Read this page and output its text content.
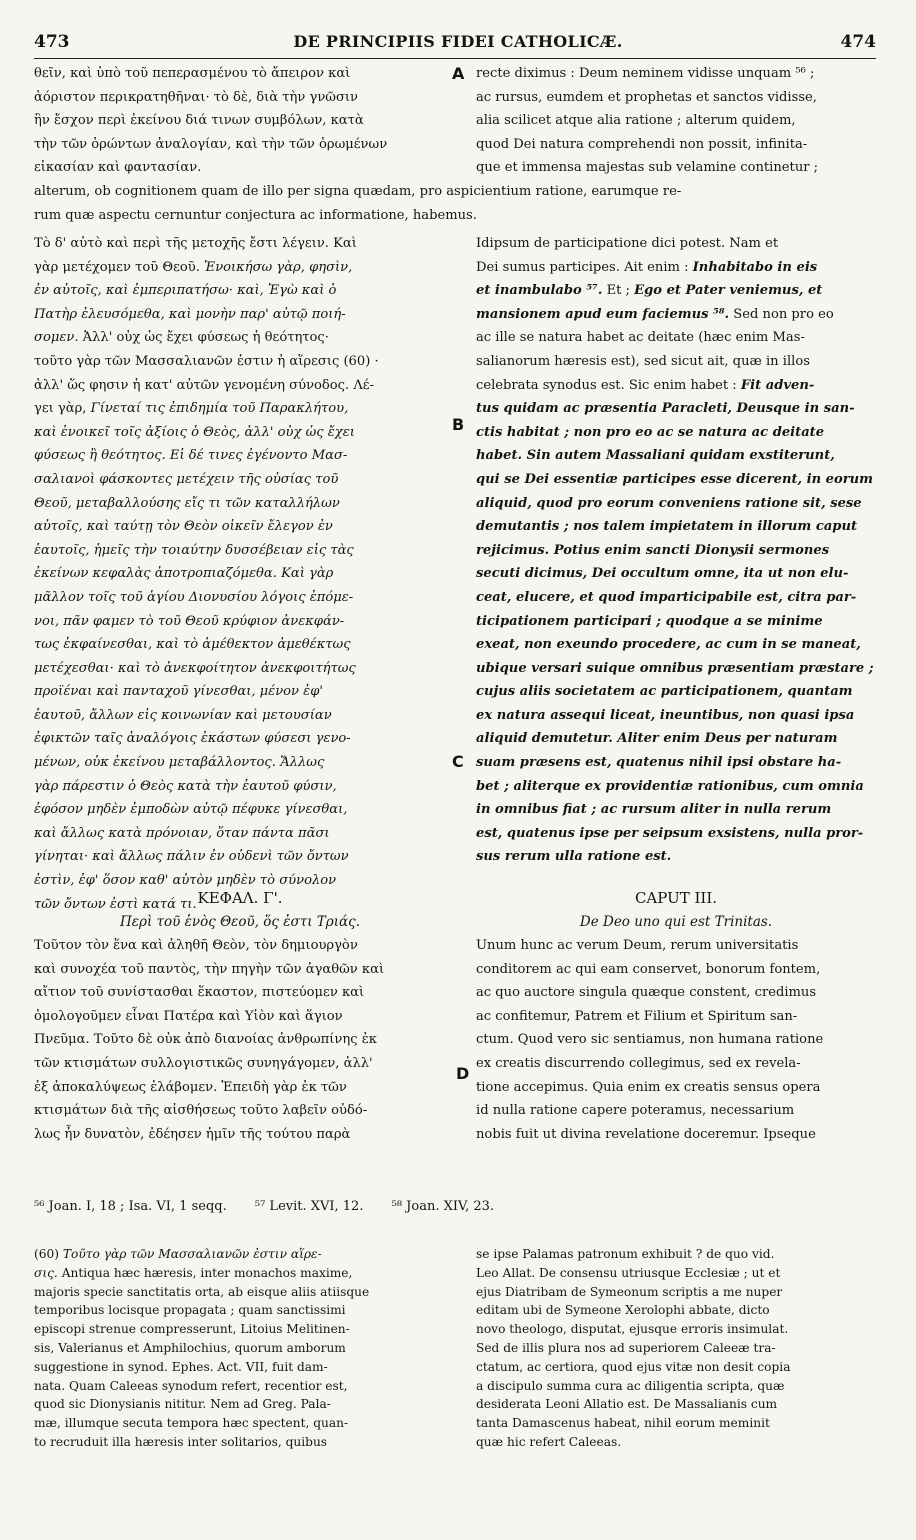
473	DE PRINCIPIIS FIDEI CATHOLICÆ.	474

θεῖν, καὶ ὑπὸ τοῦ πεπερασμένου τὸ ἄπειρον καὶ
ἀόριστον περικρατηθῆναι· τὸ δὲ, διὰ τὴν γνῶσιν
ἣν ἔσχον περὶ ἐκείνου διά τινων συμβόλων, κατὰ
τὴν τῶν ὁρώντων ἀναλογίαν, καὶ τὴν τῶν ὁρωμένων
εἰκασίαν καὶ φαντασίαν.

recte diximus : Deum neminem vidisse unquam ⁵⁶ ;
ac rursus, eumdem et prophetas et sanctos vidisse,
alia scilicet atque alia ratione ; alterum quidem,
quod Dei natura comprehendi non possit, infinita-
que et immensa majestas sub velamine continetur ;

alterum, ob cognitionem quam de illo per signa quædam, pro aspicientium ratione, earumque re-
rum quæ aspectu cernuntur conjectura ac informatione, habemus.

Τὸ δ' αὐτὸ καὶ περὶ τῆς μετοχῆς ἔστι λέγειν. Καὶ
γὰρ μετέχομεν τοῦ Θεοῦ. Ἐνοικήσω γὰρ, φησὶν,
ἐν αὐτοῖς, καὶ ἐμπεριπατήσω· καὶ, Ἐγὼ καὶ ὁ
Πατὴρ ἐλευσόμεθα, καὶ μονὴν παρ' αὐτῷ ποιή-
σομεν. Ἀλλ' οὐχ ὡς ἔχει φύσεως ἡ θεότητος·
τοῦτο γὰρ τῶν Μασσαλιανῶν ἐστιν ἡ αἵρεσις (60) ·
ἀλλ' ὥς φησιν ἡ κατ' αὐτῶν γενομένη σύνοδος. Λέ-
γει γὰρ, Γίνεταί τις ἐπιδημία τοῦ Παρακλήτου,
καὶ ἐνοικεῖ τοῖς ἀξίοις ὁ Θεὸς, ἀλλ' οὐχ ὡς ἔχει
φύσεως ἢ θεότητος. Εἰ δέ τινες ἐγένοντο Μασ-
σαλιανοὶ φάσκοντες μετέχειν τῆς οὐσίας τοῦ
Θεοῦ, μεταβαλλούσης εἴς τι τῶν καταλλήλων
αὐτοῖς, καὶ ταύτῃ τὸν Θεὸν οἰκεῖν ἔλεγον ἐν
ἑαυτοῖς, ἡμεῖς τὴν τοιαύτην δυσσέβειαν εἰς τὰς
ἐκείνων κεφαλὰς ἀποτροπιαζόμεθα. Καὶ γὰρ
μᾶλλον τοῖς τοῦ ἁγίου Διονυσίου λόγοις ἑπόμε-
νοι, πᾶν φαμεν τὸ τοῦ Θεοῦ κρύφιον ἀνεκφάν-
τως ἐκφαίνεσθαι, καὶ τὸ ἀμέθεκτον ἀμεθέκτως
μετέχεσθαι· καὶ τὸ ἀνεκφοίτητον ἀνεκφοιτήτως
προϊέναι καὶ πανταχοῦ γίνεσθαι, μένον ἐφ'
ἑαυτοῦ, ἄλλων εἰς κοινωνίαν καὶ μετουσίαν
ἐφικτῶν ταῖς ἀναλόγοις ἑκάστων φύσεσι γενο-
μένων, οὐκ ἐκείνου μεταβάλλοντος. Ἄλλως
γὰρ πάρεστιν ὁ Θεὸς κατὰ τὴν ἑαυτοῦ φύσιν,
ἐφόσον μηδὲν ἐμποδὼν αὐτῷ πέφυκε γίνεσθαι,
καὶ ἄλλως κατὰ πρόνοιαν, ὅταν πάντα πᾶσι
γίνηται· καὶ ἄλλως πάλιν ἐν οὐδενὶ τῶν ὄντων
ἐστὶν, ἐφ' ὅσον καθ' αὐτὸν μηδὲν τὸ σύνολον
τῶν ὄντων ἐστὶ κατά τι.

Idipsum de participatione dici potest. Nam et
Dei sumus participes. Ait enim : Inhabitabo in eis
et inambulabo ⁵⁷. Et ; Ego et Pater veniemus, et
mansionem apud eum faciemus ⁵⁸. Sed non pro eo
ac ille se natura habet ac deitate (hæc enim Mas-
salianorum hæresis est), sed sicut ait, quæ in illos
celebrata synodus est. Sic enim habet : Fit adven-
tus quidam ac præsentia Paracleti, Deusque in san-
ctis habitat ; non pro eo ac se natura ac deitate
habet. Sin autem Massaliani quidam exstiterunt,
qui se Dei essentiæ participes esse dicerent, in eorum
aliquid, quod pro eorum conveniens ratione sit, sese
demutantis ; nos talem impietatem in illorum caput
rejicimus. Potius enim sancti Dionysii sermones
secuti dicimus, Dei occultum omne, ita ut non elu-
ceat, elucere, et quod imparticipabile est, citra par-
ticipationem participari ; quodque a se minime
exeat, non exeundo procedere, ac cum in se maneat,
ubique versari suique omnibus præsentiam præstare ;
cujus aliis societatem ac participationem, quantam
ex natura assequi liceat, ineuntibus, non quasi ipsa
aliquid demutetur. Aliter enim Deus per naturam
suam præsens est, quatenus nihil ipsi obstare ha-
bet ; aliterque ex providentiæ rationibus, cum omnia
in omnibus fiat ; ac rursum aliter in nulla rerum
est, quatenus ipse per seipsum exsistens, nulla pror-
sus rerum ulla ratione est.

ΚΕΦΑΛ. Γ'.

Περὶ τοῦ ἑνὸς Θεοῦ, ὅς ἐστι Τριάς.

Τοῦτον τὸν ἕνα καὶ ἀληθῆ Θεὸν, τὸν δημιουργὸν
καὶ συνοχέα τοῦ παντὸς, τὴν πηγὴν τῶν ἀγαθῶν καὶ
αἴτιον τοῦ συνίστασθαι ἕκαστον, πιστεύομεν καὶ
ὁμολογοῦμεν εἶναι Πατέρα καὶ Υἱὸν καὶ ἅγιον
Πνεῦμα. Τοῦτο δὲ οὐκ ἀπὸ διανοίας ἀνθρωπίνης ἐκ
τῶν κτισμάτων συλλογιστικῶς συνηγάγομεν, ἀλλ'
ἐξ ἀποκαλύψεως ἐλάβομεν. Ἐπειδὴ γὰρ ἐκ τῶν
κτισμάτων διὰ τῆς αἰσθήσεως τοῦτο λαβεῖν οὐδό-
λως ἦν δυνατὸν, ἐδέησεν ἡμῖν τῆς τούτου παρὰ

CAPUT III.

De Deo uno qui est Trinitas.

Unum hunc ac verum Deum, rerum universitatis
conditorem ac qui eam conservet, bonorum fontem,
ac quo auctore singula quæque constent, credimus
ac confitemur, Patrem et Filium et Spiritum san-
ctum. Quod vero sic sentiamus, non humana ratione
ex creatis discurrendo collegimus, sed ex revela-
tione accepimus. Quia enim ex creatis sensus opera
id nulla ratione capere poteramus, necessarium
nobis fuit ut divina revelatione doceremur. Ipseque

A
B
C
D
⁵⁶ Joan. I, 18 ; Isa. VI, 1 seqq. ⁵⁷ Levit. XVI, 12. ⁵⁸ Joan. XIV, 23.

(60) Τοῦτο γὰρ τῶν Μασσαλιανῶν ἐστιν αἵρε-
σις. Antiqua hæc hæresis, inter monachos maxime,
majoris specie sanctitatis orta, ab eisque aliis atiisque
temporibus locisque propagata ; quam sanctissimi
episcopi strenue compresserunt, Litoius Melitinen-
sis, Valerianus et Amphilochius, quorum amborum
suggestione in synod. Ephes. Act. VII, fuit dam-
nata. Quam Caleeas synodum refert, recentior est,
quod sic Dionysianis nititur. Nem ad Greg. Pala-
mæ, illumque secuta tempora hæc spectent, quan-
to recruduit illa hæresis inter solitarios, quibus

se ipse Palamas patronum exhibuit ? de quo vid.
Leo Allat. De consensu utriusque Ecclesiæ ; ut et
ejus Diatribam de Symeonum scriptis a me nuper
editam ubi de Symeone Xerolophi abbate, dicto
novo theologo, disputat, ejusque erroris insimulat.
Sed de illis plura nos ad superiorem Caleeæ tra-
ctatum, ac certiora, quod ejus vitæ non desit copia
a discipulo summa cura ac diligentia scripta, quæ
desiderata Leoni Allatio est. De Massalianis cum
tanta Damascenus habeat, nihil eorum meminit
quæ hic refert Caleeas.
